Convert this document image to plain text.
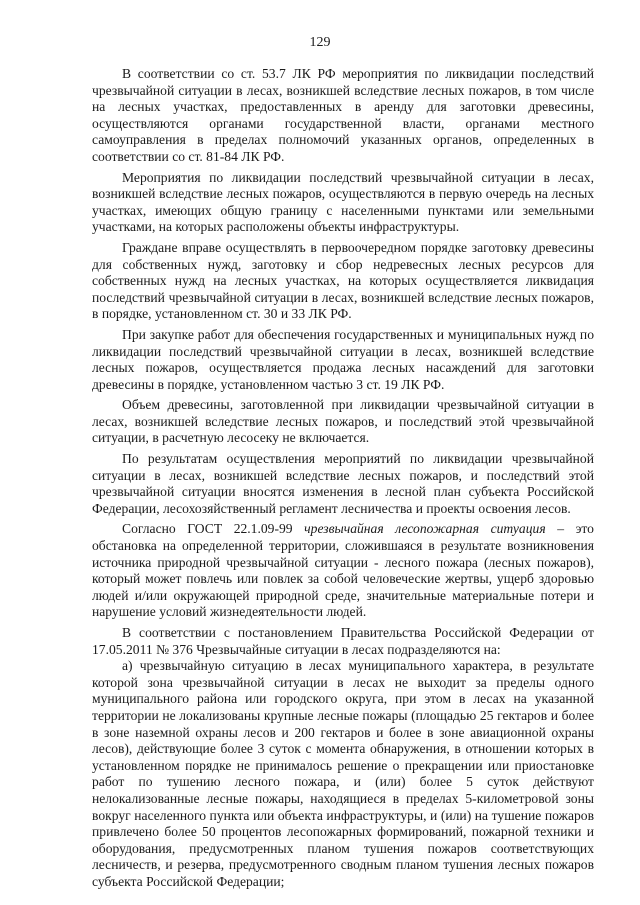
129

В соответствии со ст. 53.7 ЛК РФ мероприятия по ликвидации последствий чрезвычайной ситуации в лесах, возникшей вследствие лесных пожаров, в том числе на лесных участках, предоставленных в аренду для заготовки древесины, осуществляются органами государственной власти, органами местного самоуправления в пределах полномочий указанных органов, определенных в соответствии со ст. 81-84 ЛК РФ.

Мероприятия по ликвидации последствий чрезвычайной ситуации в лесах, возникшей вследствие лесных пожаров, осуществляются в первую очередь на лесных участках, имеющих общую границу с населенными пунктами или земельными участками, на которых расположены объекты инфраструктуры.

Граждане вправе осуществлять в первоочередном порядке заготовку древесины для собственных нужд, заготовку и сбор недревесных лесных ресурсов для собственных нужд на лесных участках, на которых осуществляется ликвидация последствий чрезвычайной ситуации в лесах, возникшей вследствие лесных пожаров, в порядке, установленном ст. 30 и 33 ЛК РФ.

При закупке работ для обеспечения государственных и муниципальных нужд по ликвидации последствий чрезвычайной ситуации в лесах, возникшей вследствие лесных пожаров, осуществляется продажа лесных насаждений для заготовки древесины в порядке, установленном частью 3 ст. 19 ЛК РФ.

Объем древесины, заготовленной при ликвидации чрезвычайной ситуации в лесах, возникшей вследствие лесных пожаров, и последствий этой чрезвычайной ситуации, в расчетную лесосеку не включается.

По результатам осуществления мероприятий по ликвидации чрезвычайной ситуации в лесах, возникшей вследствие лесных пожаров, и последствий этой чрезвычайной ситуации вносятся изменения в лесной план субъекта Российской Федерации, лесохозяйственный регламент лесничества и проекты освоения лесов.

Согласно ГОСТ 22.1.09-99 чрезвычайная лесопожарная ситуация – это обстановка на определенной территории, сложившаяся в результате возникновения источника природной чрезвычайной ситуации - лесного пожара (лесных пожаров), который может повлечь или повлек за собой человеческие жертвы, ущерб здоровью людей и/или окружающей природной среде, значительные материальные потери и нарушение условий жизнедеятельности людей.

В соответствии с постановлением Правительства Российской Федерации от 17.05.2011 № 376 Чрезвычайные ситуации в лесах подразделяются на:

а) чрезвычайную ситуацию в лесах муниципального характера, в результате которой зона чрезвычайной ситуации в лесах не выходит за пределы одного муниципального района или городского округа, при этом в лесах на указанной территории не локализованы крупные лесные пожары (площадью 25 гектаров и более в зоне наземной охраны лесов и 200 гектаров и более в зоне авиационной охраны лесов), действующие более 3 суток с момента обнаружения, в отношении которых в установленном порядке не принималось решение о прекращении или приостановке работ по тушению лесного пожара, и (или) более 5 суток действуют нелокализованные лесные пожары, находящиеся в пределах 5-километровой зоны вокруг населенного пункта или объекта инфраструктуры, и (или) на тушение пожаров привлечено более 50 процентов лесопожарных формирований, пожарной техники и оборудования, предусмотренных планом тушения пожаров соответствующих лесничеств, и резерва, предусмотренного сводным планом тушения лесных пожаров субъекта Российской Федерации;
